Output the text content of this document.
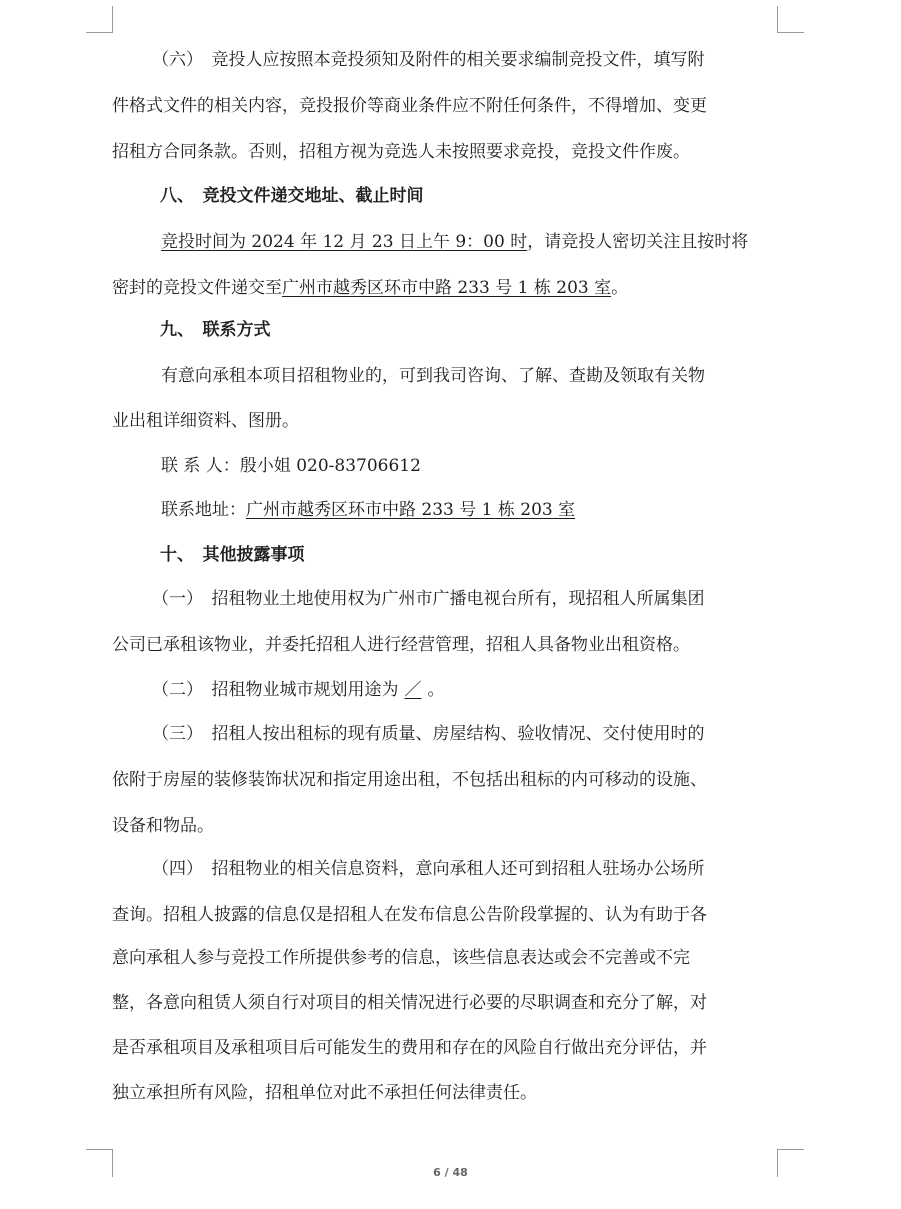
（六）　竞投人应按照本竞投须知及附件的相关要求编制竞投文件，填写附
件格式文件的相关内容，竞投报价等商业条件应不附任何条件，不得增加、变更
招租方合同条款。否则，招租方视为竞选人未按照要求竞投，竞投文件作废。
八、　竞投文件递交地址、截止时间
竞投时间为 2024 年 12 月 23 日上午 9：00 时，请竞投人密切关注且按时将
密封的竞投文件递交至广州市越秀区环市中路 233 号 1 栋 203 室。
九、　联系方式
有意向承租本项目招租物业的，可到我司咨询、了解、查勘及领取有关物
业出租详细资料、图册。
联 系 人：殷小姐 020-83706612
联系地址：广州市越秀区环市中路 233 号 1 栋 203 室
十、　其他披露事项
（一）　招租物业土地使用权为广州市广播电视台所有，现招租人所属集团
公司已承租该物业，并委托招租人进行经营管理，招租人具备物业出租资格。
（二）　招租物业城市规划用途为 ／ 。
（三）　招租人按出租标的现有质量、房屋结构、验收情况、交付使用时的
依附于房屋的装修装饰状况和指定用途出租，不包括出租标的内可移动的设施、
设备和物品。
（四）　招租物业的相关信息资料，意向承租人还可到招租人驻场办公场所
查询。招租人披露的信息仅是招租人在发布信息公告阶段掌握的、认为有助于各
意向承租人参与竞投工作所提供参考的信息，该些信息表达或会不完善或不完
整，各意向租赁人须自行对项目的相关情况进行必要的尽职调查和充分了解，对
是否承租项目及承租项目后可能发生的费用和存在的风险自行做出充分评估，并
独立承担所有风险，招租单位对此不承担任何法律责任。
6 / 48
